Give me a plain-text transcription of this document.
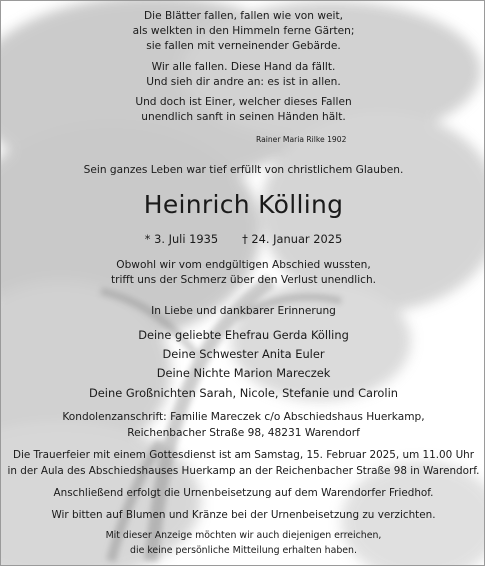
Die Blätter fallen, fallen wie von weit,
als welkten in den Himmeln ferne Gärten;
sie fallen mit verneinender Gebärde.
Wir alle fallen. Diese Hand da fällt.
Und sieh dir andre an: es ist in allen.
Und doch ist Einer, welcher dieses Fallen
unendlich sanft in seinen Händen hält.
Rainer Maria Rilke 1902
Sein ganzes Leben war tief erfüllt von christlichem Glauben.
Heinrich Kölling
* 3. Juli 1935 † 24. Januar 2025
Obwohl wir vom endgültigen Abschied wussten,
trifft uns der Schmerz über den Verlust unendlich.
In Liebe und dankbarer Erinnerung
Deine geliebte Ehefrau Gerda Kölling
Deine Schwester Anita Euler
Deine Nichte Marion Mareczek
Deine Großnichten Sarah, Nicole, Stefanie und Carolin
Kondolenzanschrift: Familie Mareczek c/o Abschiedshaus Huerkamp,
Reichenbacher Straße 98, 48231 Warendorf
Die Trauerfeier mit einem Gottesdienst ist am Samstag, 15. Februar 2025, um 11.00 Uhr
in der Aula des Abschiedshauses Huerkamp an der Reichenbacher Straße 98 in Warendorf.
Anschließend erfolgt die Urnenbeisetzung auf dem Warendorfer Friedhof.
Wir bitten auf Blumen und Kränze bei der Urnenbeisetzung zu verzichten.
Mit dieser Anzeige möchten wir auch diejenigen erreichen,
die keine persönliche Mitteilung erhalten haben.
